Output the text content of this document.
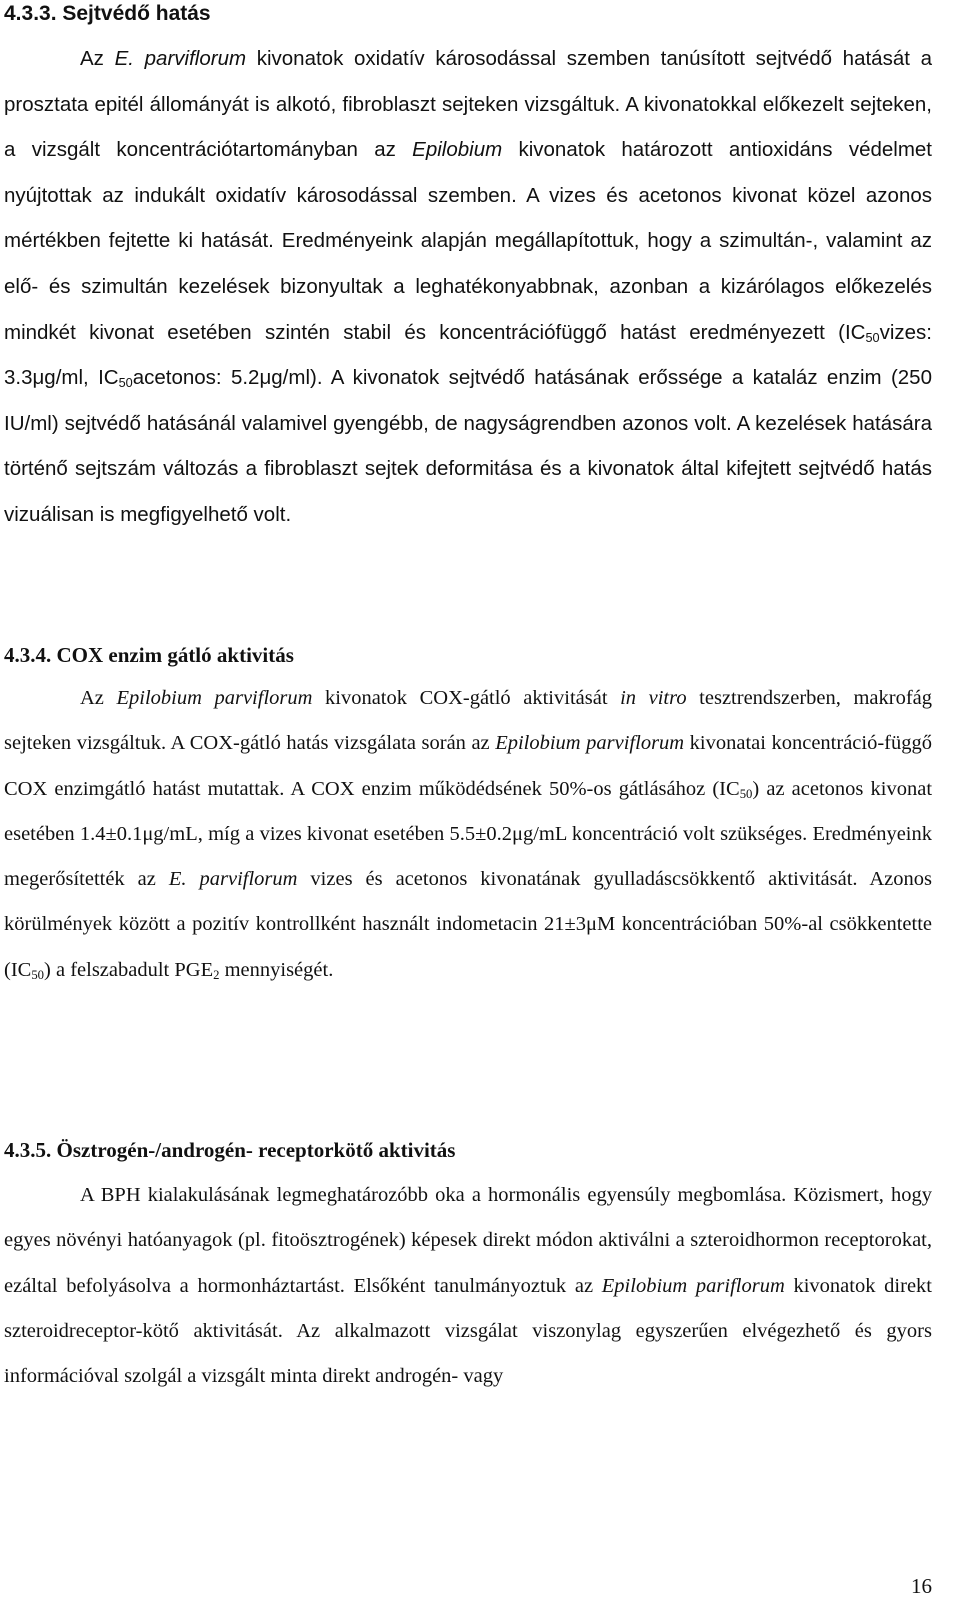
4.3.3. Sejtvédő hatás

Az E. parviflorum kivonatok oxidatív károsodással szemben tanúsított sejtvédő hatását a prosztata epitél állományát is alkotó, fibroblaszt sejteken vizsgáltuk. A kivonatokkal előkezelt sejteken, a vizsgált koncentrációtartományban az Epilobium kivonatok határozott antioxidáns védelmet nyújtottak az indukált oxidatív károsodással szemben. A vizes és acetonos kivonat közel azonos mértékben fejtette ki hatását. Eredményeink alapján megállapítottuk, hogy a szimultán-, valamint az elő- és szimultán kezelések bizonyultak a leghatékonyabbnak, azonban a kizárólagos előkezelés mindkét kivonat esetében szintén stabil és koncentrációfüggő hatást eredményezett ($IC_{50}vizes$: 3.3μg/ml, $IC_{50}acetonos$: 5.2μg/ml). A kivonatok sejtvédő hatásának erőssége a kataláz enzim (250 IU/ml) sejtvédő hatásánál valamivel gyengébb, de nagyságrendben azonos volt. A kezelések hatására történő sejtszám változás a fibroblaszt sejtek deformitása és a kivonatok által kifejtett sejtvédő hatás vizuálisan is megfigyelhető volt.

4.3.4. COX enzim gátló aktivitás

Az Epilobium parviflorum kivonatok COX-gátló aktivitását in vitro tesztrendszerben, makrofág sejteken vizsgáltuk. A COX-gátló hatás vizsgálata során az Epilobium parviflorum kivonatai koncentráció-függő COX enzimgátló hatást mutattak. A COX enzim működédsének 50%-os gátlásához $(IC_{50})$ az acetonos kivonat esetében 1.4±0.1μg/mL, míg a vizes kivonat esetében 5.5±0.2μg/mL koncentráció volt szükséges. Eredményeink megerősítették az E. parviflorum vizes és acetonos kivonatának gyulladáscsökkentő aktivitását. Azonos körülmények között a pozitív kontrollként használt indometacin 21±3μM koncentrációban 50%-al csökkentette $(IC_{50})$ a felszabadult $PGE_2$ mennyiségét.

4.3.5. Ösztrogén-/androgén- receptorkötő aktivitás

A BPH kialakulásának legmeghatározóbb oka a hormonális egyensúly megbomlása. Közismert, hogy egyes növényi hatóanyagok (pl. fitoösztrogének) képesek direkt módon aktiválni a szteroidhormon receptorokat, ezáltal befolyásolva a hormonháztartást. Elsőként tanulmányoztuk az Epilobium pariflorum kivonatok direkt szteroidreceptor-kötő aktivitását. Az alkalmazott vizsgálat viszonylag egyszerűen elvégezhető és gyors információval szolgál a vizsgált minta direkt androgén- vagy

16
